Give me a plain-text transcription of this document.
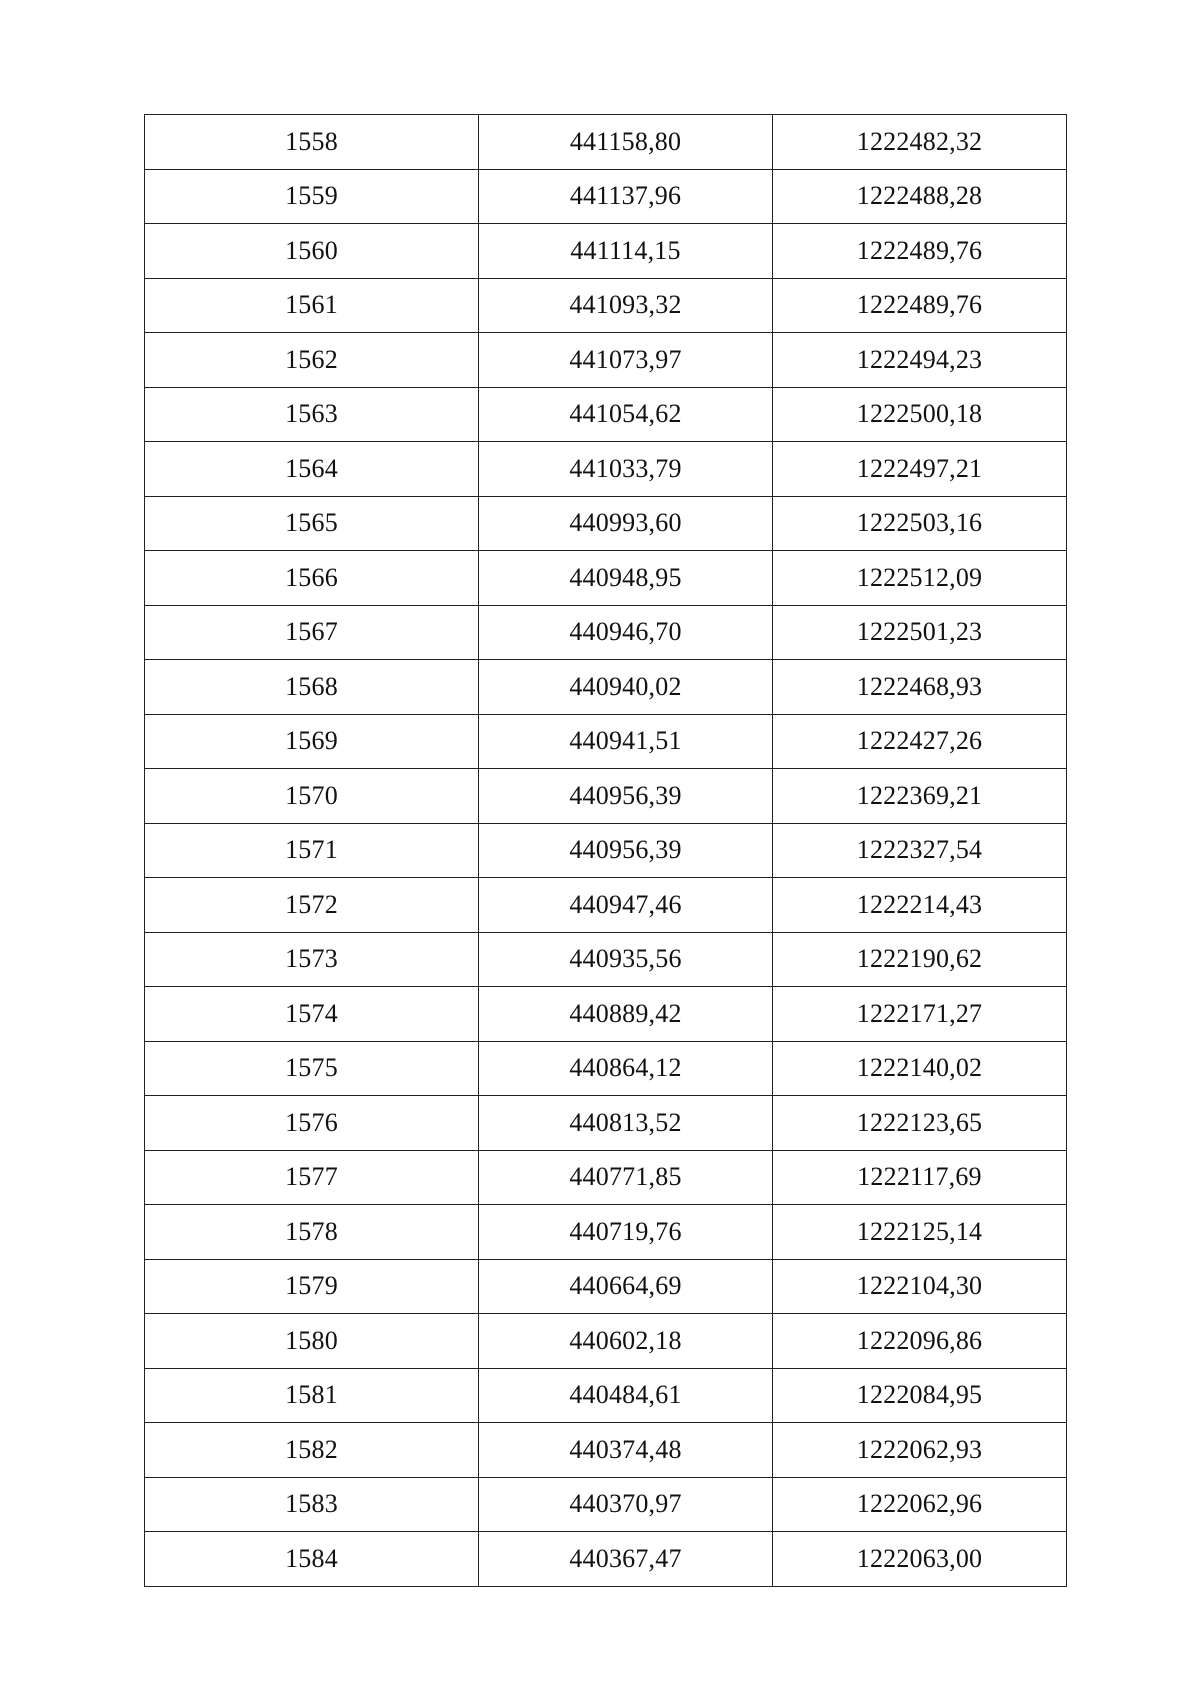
1558	441158,80	1222482,32
1559	441137,96	1222488,28
1560	441114,15	1222489,76
1561	441093,32	1222489,76
1562	441073,97	1222494,23
1563	441054,62	1222500,18
1564	441033,79	1222497,21
1565	440993,60	1222503,16
1566	440948,95	1222512,09
1567	440946,70	1222501,23
1568	440940,02	1222468,93
1569	440941,51	1222427,26
1570	440956,39	1222369,21
1571	440956,39	1222327,54
1572	440947,46	1222214,43
1573	440935,56	1222190,62
1574	440889,42	1222171,27
1575	440864,12	1222140,02
1576	440813,52	1222123,65
1577	440771,85	1222117,69
1578	440719,76	1222125,14
1579	440664,69	1222104,30
1580	440602,18	1222096,86
1581	440484,61	1222084,95
1582	440374,48	1222062,93
1583	440370,97	1222062,96
1584	440367,47	1222063,00
